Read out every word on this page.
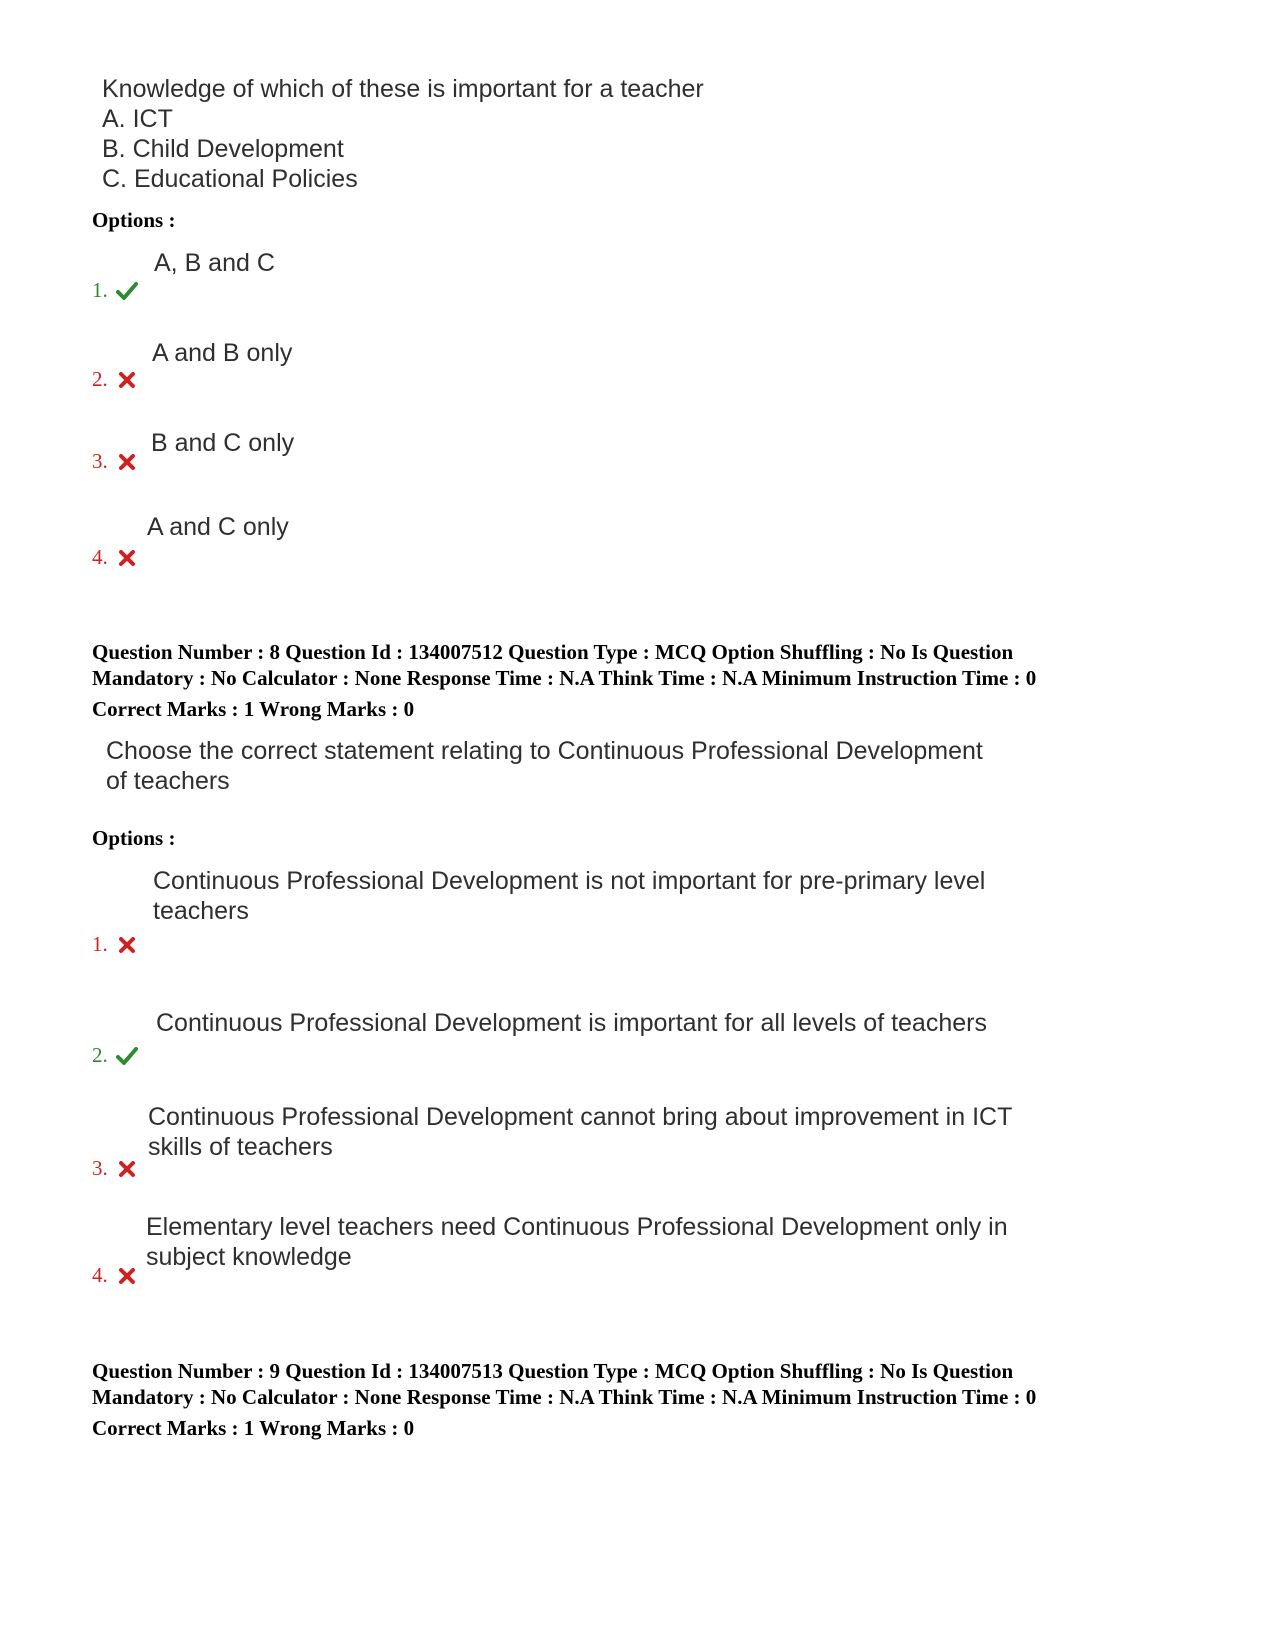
Knowledge of which of these is important for a teacher
A. ICT
B. Child Development
C. Educational Policies
Options :
A, B and C
1.
A and B only
2.
B and C only
3.
A and C only
4.
Question Number : 8 Question Id : 134007512 Question Type : MCQ Option Shuffling : No Is Question
Mandatory : No Calculator : None Response Time : N.A Think Time : N.A Minimum Instruction Time : 0
Correct Marks : 1 Wrong Marks : 0
Choose the correct statement relating to Continuous Professional Development
of teachers
Options :
Continuous Professional Development is not important for pre-primary level
teachers
1.
Continuous Professional Development is important for all levels of teachers
2.
Continuous Professional Development cannot bring about improvement in ICT
skills of teachers
3.
Elementary level teachers need Continuous Professional Development only in
subject knowledge
4.
Question Number : 9 Question Id : 134007513 Question Type : MCQ Option Shuffling : No Is Question
Mandatory : No Calculator : None Response Time : N.A Think Time : N.A Minimum Instruction Time : 0
Correct Marks : 1 Wrong Marks : 0
